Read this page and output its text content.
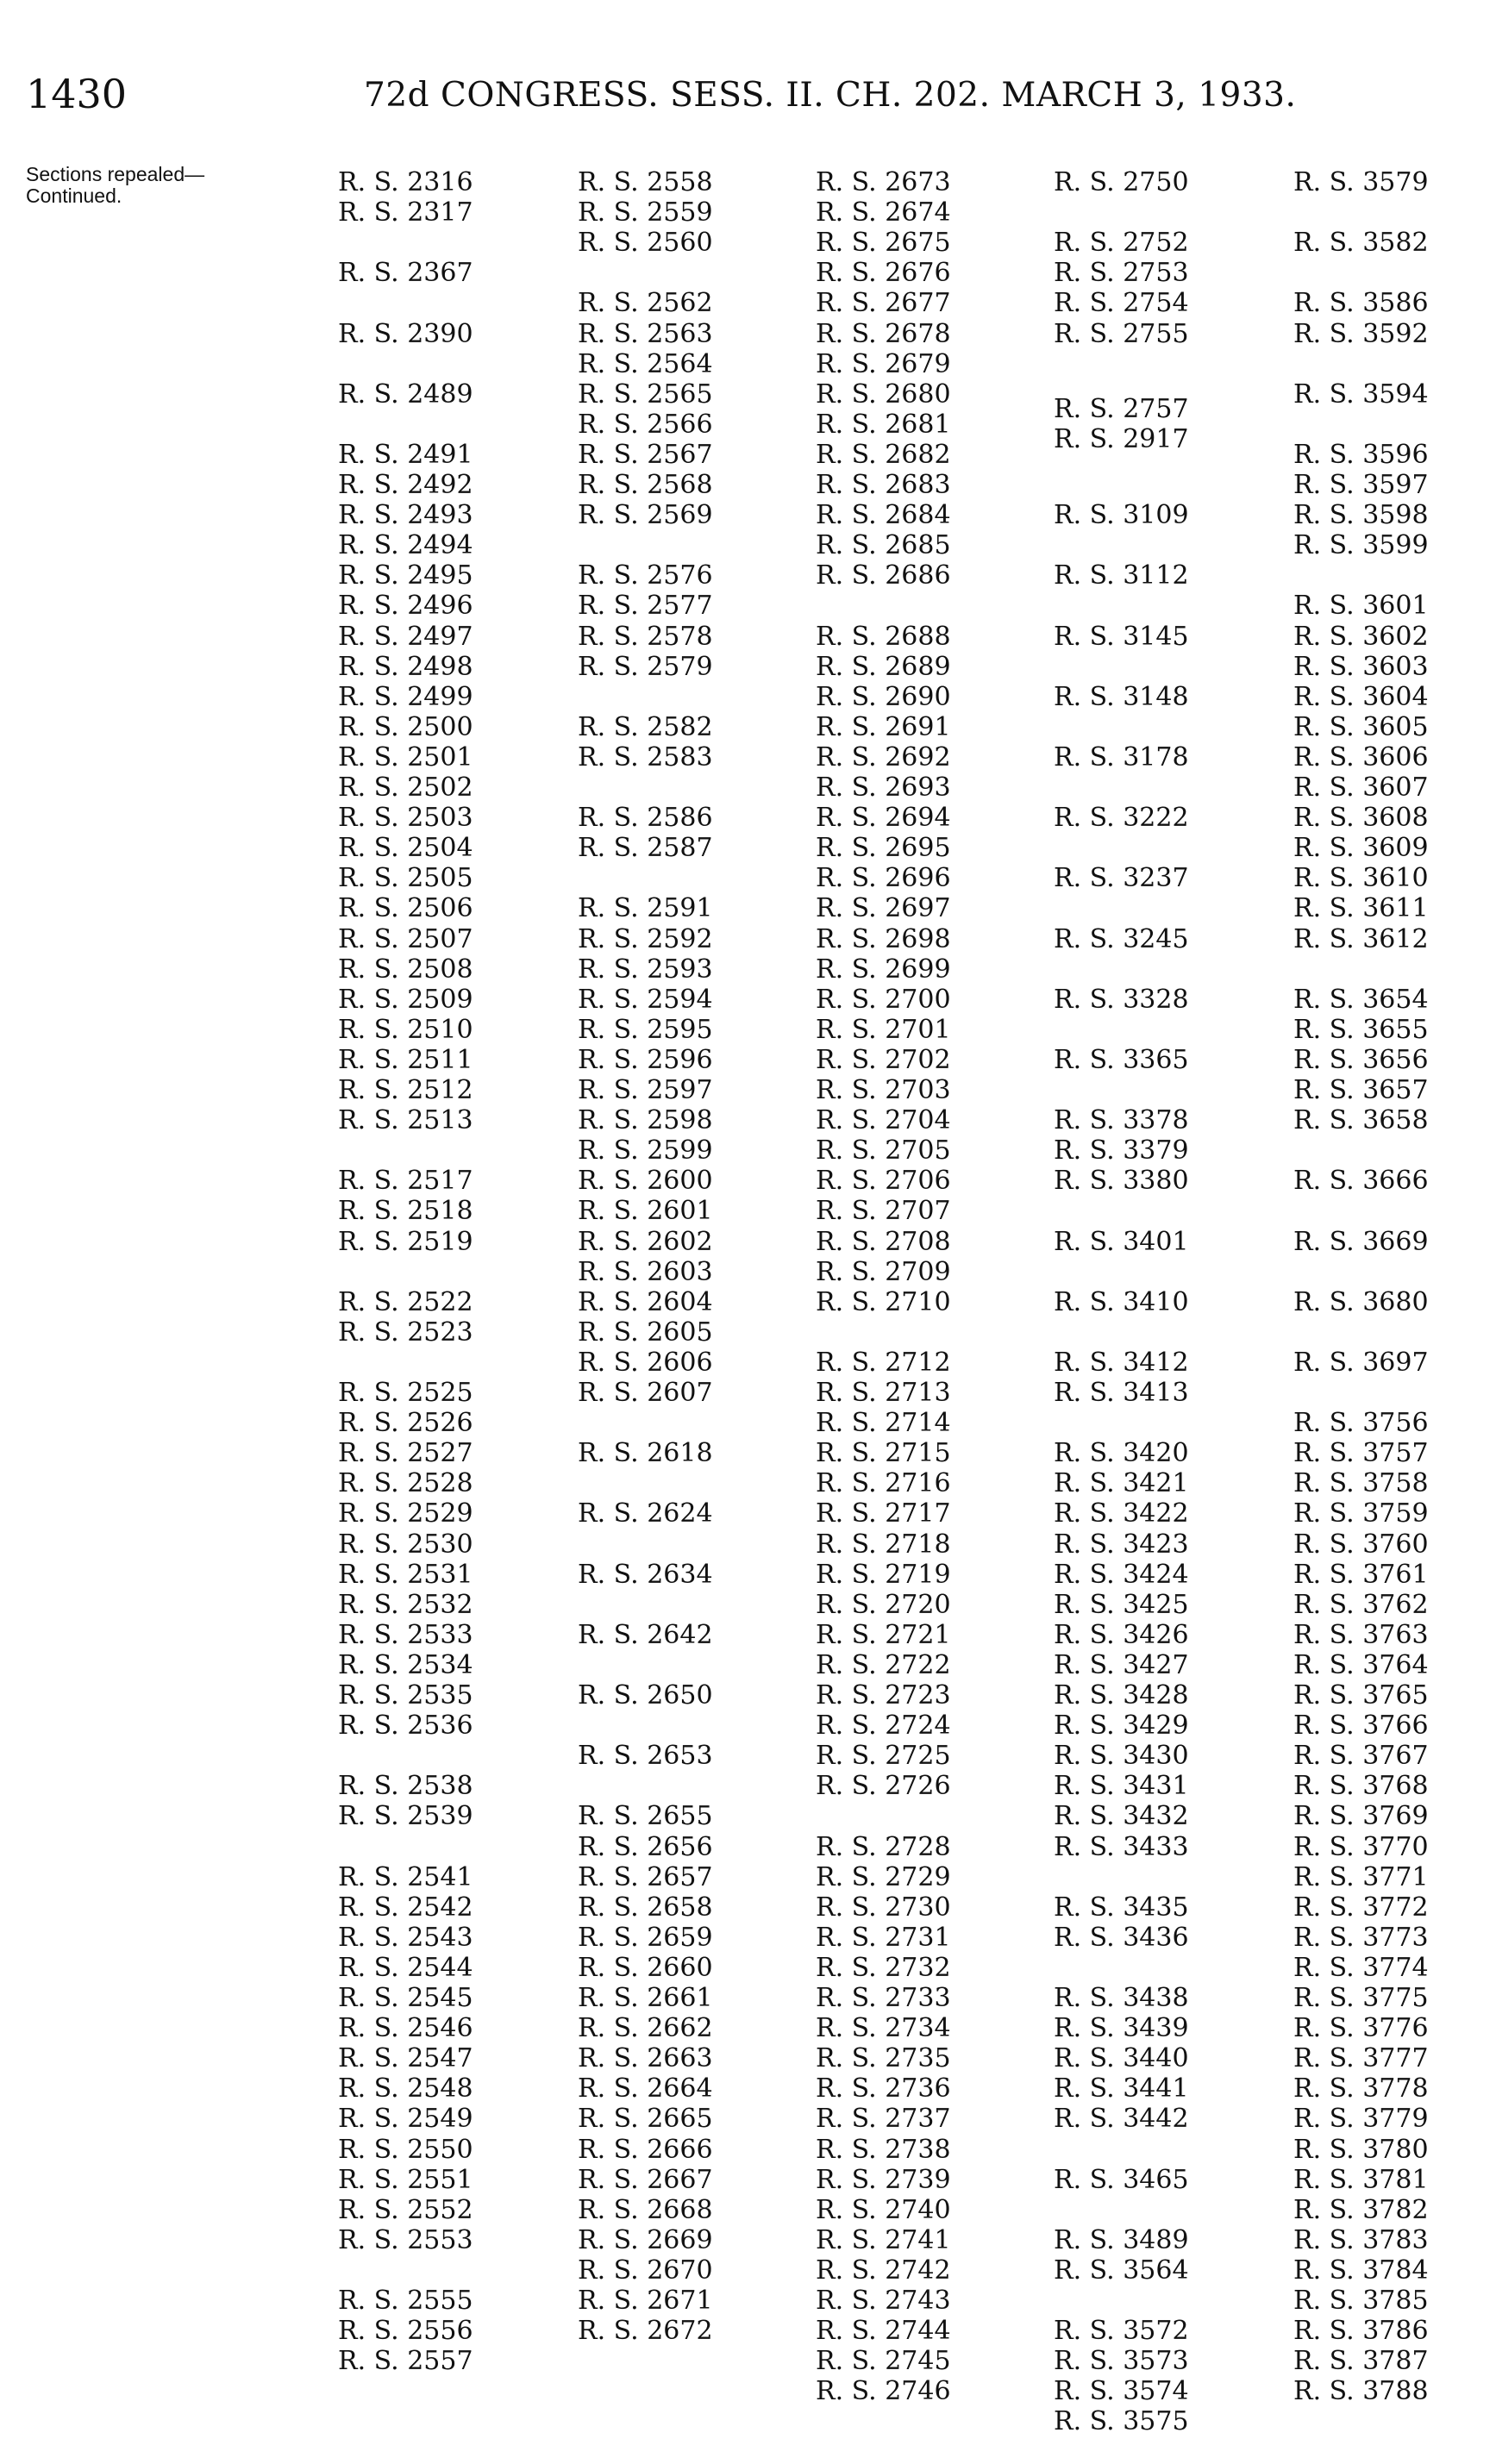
1430	72d CONGRESS. SESS. II. CH. 202. MARCH 3, 1933.
Sections repealed—
Continued.	R. S. 2316
R. S. 2317
R. S. 2367
R. S. 2390
R. S. 2489
R. S. 2491
R. S. 2492
R. S. 2493
R. S. 2494
R. S. 2495
R. S. 2496
R. S. 2497
R. S. 2498
R. S. 2499
R. S. 2500
R. S. 2501
R. S. 2502
R. S. 2503
R. S. 2504
R. S. 2505
R. S. 2506
R. S. 2507
R. S. 2508
R. S. 2509
R. S. 2510
R. S. 2511
R. S. 2512
R. S. 2513
R. S. 2517
R. S. 2518
R. S. 2519
R. S. 2522
R. S. 2523
R. S. 2525
R. S. 2526
R. S. 2527
R. S. 2528
R. S. 2529
R. S. 2530
R. S. 2531
R. S. 2532
R. S. 2533
R. S. 2534
R. S. 2535
R. S. 2536
R. S. 2538
R. S. 2539
R. S. 2541
R. S. 2542
R. S. 2543
R. S. 2544
R. S. 2545
R. S. 2546
R. S. 2547
R. S. 2548
R. S. 2549
R. S. 2550
R. S. 2551
R. S. 2552
R. S. 2553
R. S. 2555
R. S. 2556
R. S. 2557
R. S. 2558
R. S. 2559
R. S. 2560
R. S. 2562
R. S. 2563
R. S. 2564
R. S. 2565
R. S. 2566
R. S. 2567
R. S. 2568
R. S. 2569
R. S. 2576
R. S. 2577
R. S. 2578
R. S. 2579
R. S. 2582
R. S. 2583
R. S. 2586
R. S. 2587
R. S. 2591
R. S. 2592
R. S. 2593
R. S. 2594
R. S. 2595
R. S. 2596
R. S. 2597
R. S. 2598
R. S. 2599
R. S. 2600
R. S. 2601
R. S. 2602
R. S. 2603
R. S. 2604
R. S. 2605
R. S. 2606
R. S. 2607
R. S. 2618
R. S. 2624
R. S. 2634
R. S. 2642
R. S. 2650
R. S. 2653
R. S. 2655
R. S. 2656
R. S. 2657
R. S. 2658
R. S. 2659
R. S. 2660
R. S. 2661
R. S. 2662
R. S. 2663
R. S. 2664
R. S. 2665
R. S. 2666
R. S. 2667
R. S. 2668
R. S. 2669
R. S. 2670
R. S. 2671
R. S. 2672
R. S. 2673
R. S. 2674
R. S. 2675
R. S. 2676
R. S. 2677
R. S. 2678
R. S. 2679
R. S. 2680
R. S. 2681
R. S. 2682
R. S. 2683
R. S. 2684
R. S. 2685
R. S. 2686
R. S. 2688
R. S. 2689
R. S. 2690
R. S. 2691
R. S. 2692
R. S. 2693
R. S. 2694
R. S. 2695
R. S. 2696
R. S. 2697
R. S. 2698
R. S. 2699
R. S. 2700
R. S. 2701
R. S. 2702
R. S. 2703
R. S. 2704
R. S. 2705
R. S. 2706
R. S. 2707
R. S. 2708
R. S. 2709
R. S. 2710
R. S. 2712
R. S. 2713
R. S. 2714
R. S. 2715
R. S. 2716
R. S. 2717
R. S. 2718
R. S. 2719
R. S. 2720
R. S. 2721
R. S. 2722
R. S. 2723
R. S. 2724
R. S. 2725
R. S. 2726
R. S. 2728
R. S. 2729
R. S. 2730
R. S. 2731
R. S. 2732
R. S. 2733
R. S. 2734
R. S. 2735
R. S. 2736
R. S. 2737
R. S. 2738
R. S. 2739
R. S. 2740
R. S. 2741
R. S. 2742
R. S. 2743
R. S. 2744
R. S. 2745
R. S. 2746
R. S. 2750
R. S. 2752
R. S. 2753
R. S. 2754
R. S. 2755
R. S. 2757
R. S. 2917
R. S. 3109
R. S. 3112
R. S. 3145
R. S. 3148
R. S. 3178
R. S. 3222
R. S. 3237
R. S. 3245
R. S. 3328
R. S. 3365
R. S. 3378
R. S. 3379
R. S. 3380
R. S. 3401
R. S. 3410
R. S. 3412
R. S. 3413
R. S. 3420
R. S. 3421
R. S. 3422
R. S. 3423
R. S. 3424
R. S. 3425
R. S. 3426
R. S. 3427
R. S. 3428
R. S. 3429
R. S. 3430
R. S. 3431
R. S. 3432
R. S. 3433
R. S. 3435
R. S. 3436
R. S. 3438
R. S. 3439
R. S. 3440
R. S. 3441
R. S. 3442
R. S. 3465
R. S. 3489
R. S. 3564
R. S. 3572
R. S. 3573
R. S. 3574
R. S. 3575
R. S. 3579
R. S. 3582
R. S. 3586
R. S. 3592
R. S. 3594
R. S. 3596
R. S. 3597
R. S. 3598
R. S. 3599
R. S. 3601
R. S. 3602
R. S. 3603
R. S. 3604
R. S. 3605
R. S. 3606
R. S. 3607
R. S. 3608
R. S. 3609
R. S. 3610
R. S. 3611
R. S. 3612
R. S. 3654
R. S. 3655
R. S. 3656
R. S. 3657
R. S. 3658
R. S. 3666
R. S. 3669
R. S. 3680
R. S. 3697
R. S. 3756
R. S. 3757
R. S. 3758
R. S. 3759
R. S. 3760
R. S. 3761
R. S. 3762
R. S. 3763
R. S. 3764
R. S. 3765
R. S. 3766
R. S. 3767
R. S. 3768
R. S. 3769
R. S. 3770
R. S. 3771
R. S. 3772
R. S. 3773
R. S. 3774
R. S. 3775
R. S. 3776
R. S. 3777
R. S. 3778
R. S. 3779
R. S. 3780
R. S. 3781
R. S. 3782
R. S. 3783
R. S. 3784
R. S. 3785
R. S. 3786
R. S. 3787
R. S. 3788
